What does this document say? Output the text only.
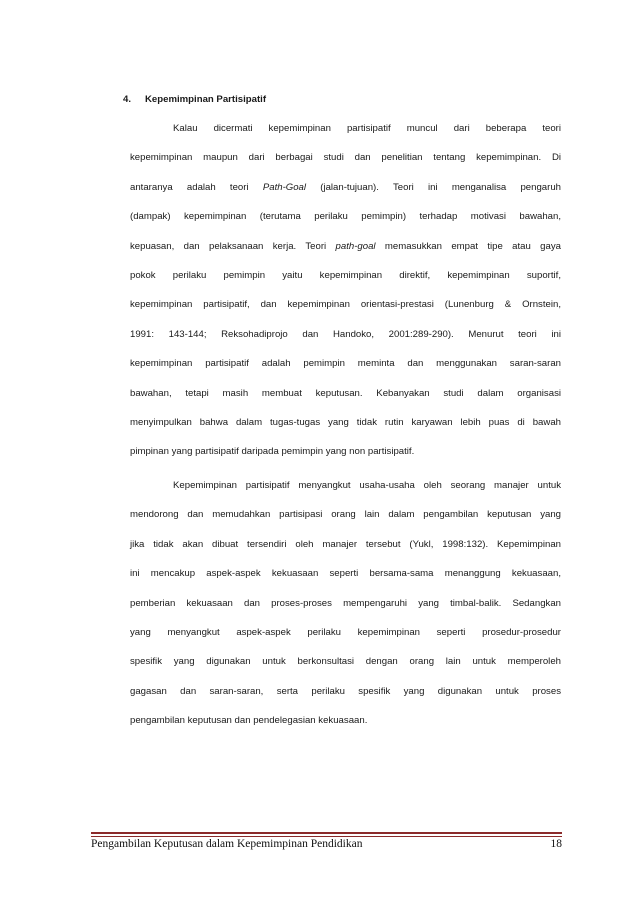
4. Kepemimpinan Partisipatif
Kalau dicermati kepemimpinan partisipatif muncul dari beberapa teori
kepemimpinan maupun dari berbagai studi dan penelitian tentang kepemimpinan. Di
antaranya adalah teori Path-Goal (jalan-tujuan). Teori ini menganalisa pengaruh
(dampak) kepemimpinan (terutama perilaku pemimpin) terhadap motivasi bawahan,
kepuasan, dan pelaksanaan kerja. Teori path-goal memasukkan empat tipe atau gaya
pokok perilaku pemimpin yaitu kepemimpinan direktif, kepemimpinan suportif,
kepemimpinan partisipatif, dan kepemimpinan orientasi-prestasi (Lunenburg & Ornstein,
1991: 143-144; Reksohadiprojo dan Handoko, 2001:289-290). Menurut teori ini
kepemimpinan partisipatif adalah pemimpin meminta dan menggunakan saran-saran
bawahan, tetapi masih membuat keputusan. Kebanyakan studi dalam organisasi
menyimpulkan bahwa dalam tugas-tugas yang tidak rutin karyawan lebih puas di bawah
pimpinan yang partisipatif daripada pemimpin yang non partisipatif.
Kepemimpinan partisipatif menyangkut usaha-usaha oleh seorang manajer untuk
mendorong dan memudahkan partisipasi orang lain dalam pengambilan keputusan yang
jika tidak akan dibuat tersendiri oleh manajer tersebut (Yukl, 1998:132). Kepemimpinan
ini mencakup aspek-aspek kekuasaan seperti bersama-sama menanggung kekuasaan,
pemberian kekuasaan dan proses-proses mempengaruhi yang timbal-balik. Sedangkan
yang menyangkut aspek-aspek perilaku kepemimpinan seperti prosedur-prosedur
spesifik yang digunakan untuk berkonsultasi dengan orang lain untuk memperoleh
gagasan dan saran-saran, serta perilaku spesifik yang digunakan untuk proses
pengambilan keputusan dan pendelegasian kekuasaan.
Pengambilan Keputusan dalam Kepemimpinan Pendidikan	18
